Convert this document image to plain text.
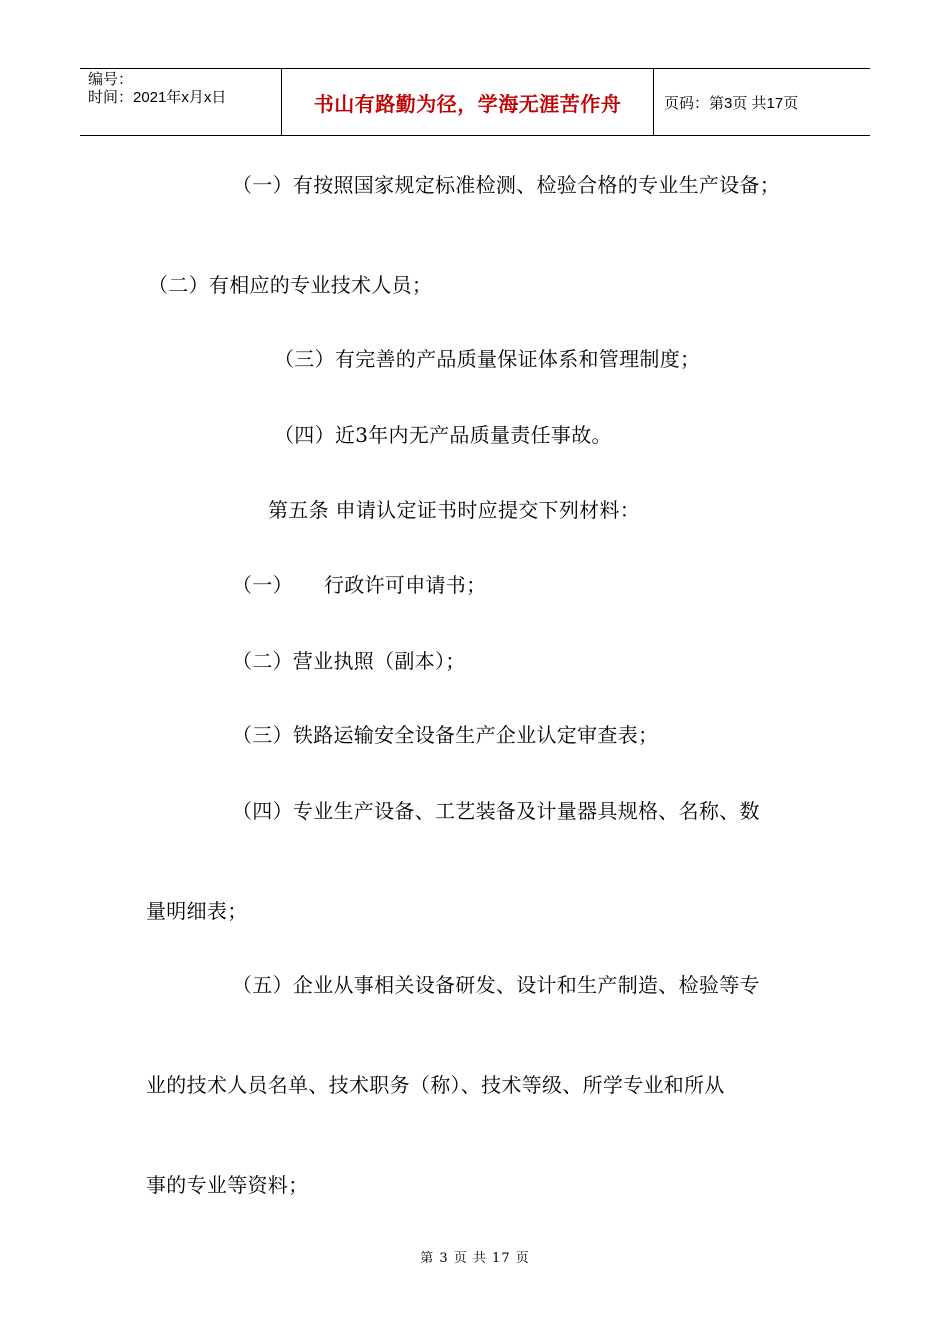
编号：
时间：2021年x月x日	书山有路勤为径，学海无涯苦作舟	页码：第3页 共17页
（一）有按照国家规定标准检测、检验合格的专业生产设备；
（二）有相应的专业技术人员；
（三）有完善的产品质量保证体系和管理制度；
（四）近3年内无产品质量责任事故。
第五条 申请认定证书时应提交下列材料：
（一） 行政许可申请书；
（二）营业执照（副本）；
（三）铁路运输安全设备生产企业认定审查表；
（四）专业生产设备、工艺装备及计量器具规格、名称、数
量明细表；
（五）企业从事相关设备研发、设计和生产制造、检验等专
业的技术人员名单、技术职务（称）、技术等级、所学专业和所从
事的专业等资料；
第 3 页 共 17 页
